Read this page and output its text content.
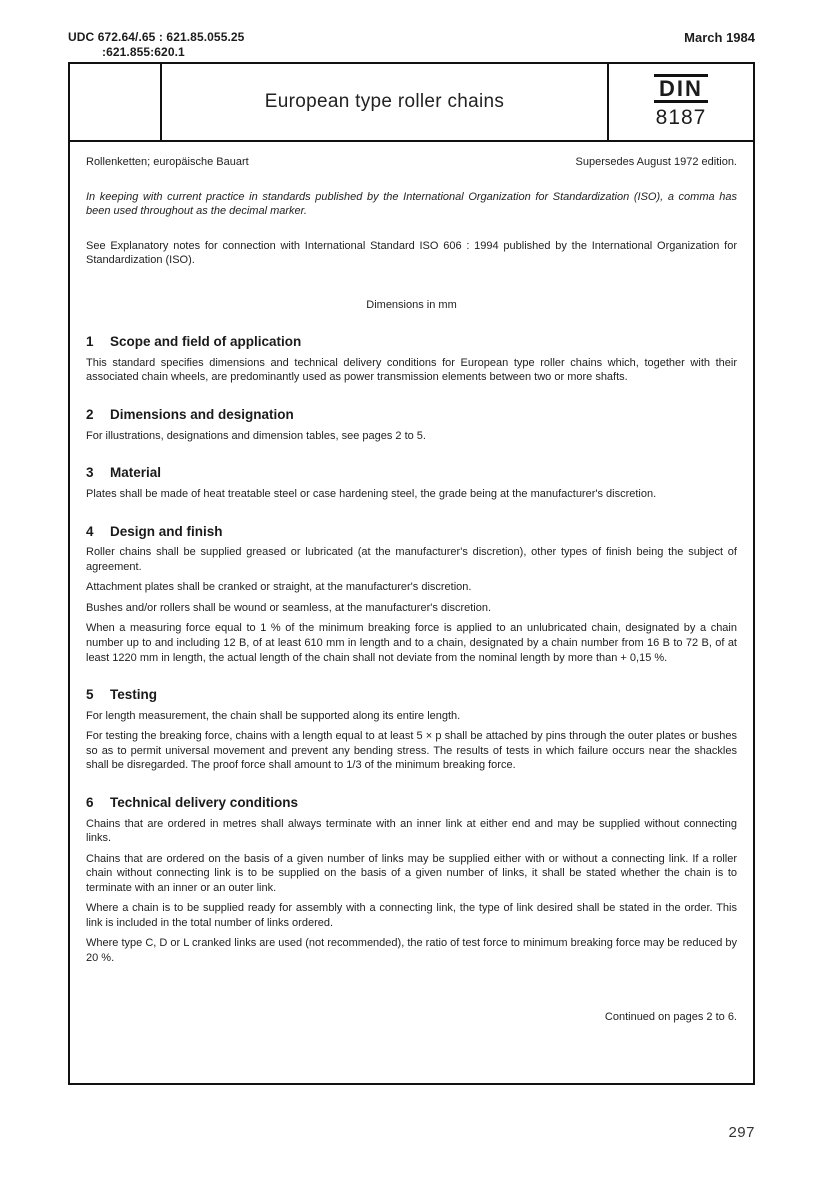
UDC 672.64/.65 : 621.85.055.25
:621.855:620.1
March 1984
European type roller chains
DIN
8187
Rollenketten; europäische Bauart	Supersedes August 1972 edition.

In keeping with current practice in standards published by the International Organization for Standardization (ISO), a comma has been used throughout as the decimal marker.

See Explanatory notes for connection with International Standard ISO 606 : 1994 published by the International Organization for Standardization (ISO).

Dimensions in mm

1 Scope and field of application

This standard specifies dimensions and technical delivery conditions for European type roller chains which, together with their associated chain wheels, are predominantly used as power transmission elements between two or more shafts.

2 Dimensions and designation

For illustrations, designations and dimension tables, see pages 2 to 5.

3 Material

Plates shall be made of heat treatable steel or case hardening steel, the grade being at the manufacturer's discretion.

4 Design and finish

Roller chains shall be supplied greased or lubricated (at the manufacturer's discretion), other types of finish being the subject of agreement.

Attachment plates shall be cranked or straight, at the manufacturer's discretion.

Bushes and/or rollers shall be wound or seamless, at the manufacturer's discretion.

When a measuring force equal to 1 % of the minimum breaking force is applied to an unlubricated chain, designated by a chain number up to and including 12 B, of at least 610 mm in length and to a chain, designated by a chain number from 16 B to 72 B, of at least 1220 mm in length, the actual length of the chain shall not deviate from the nominal length by more than + 0,15 %.

5 Testing

For length measurement, the chain shall be supported along its entire length.

For testing the breaking force, chains with a length equal to at least 5 × p shall be attached by pins through the outer plates or bushes so as to permit universal movement and prevent any bending stress. The results of tests in which failure occurs near the shackles shall be disregarded. The proof force shall amount to 1/3 of the minimum breaking force.

6 Technical delivery conditions

Chains that are ordered in metres shall always terminate with an inner link at either end and may be supplied without connecting links.

Chains that are ordered on the basis of a given number of links may be supplied either with or without a connecting link. If a roller chain without connecting link is to be supplied on the basis of a given number of links, it shall be stated whether the chain is to terminate with an inner or an outer link.

Where a chain is to be supplied ready for assembly with a connecting link, the type of link desired shall be stated in the order. This link is included in the total number of links ordered.

Where type C, D or L cranked links are used (not recommended), the ratio of test force to minimum breaking force may be reduced by 20 %.

Continued on pages 2 to 6.
297
